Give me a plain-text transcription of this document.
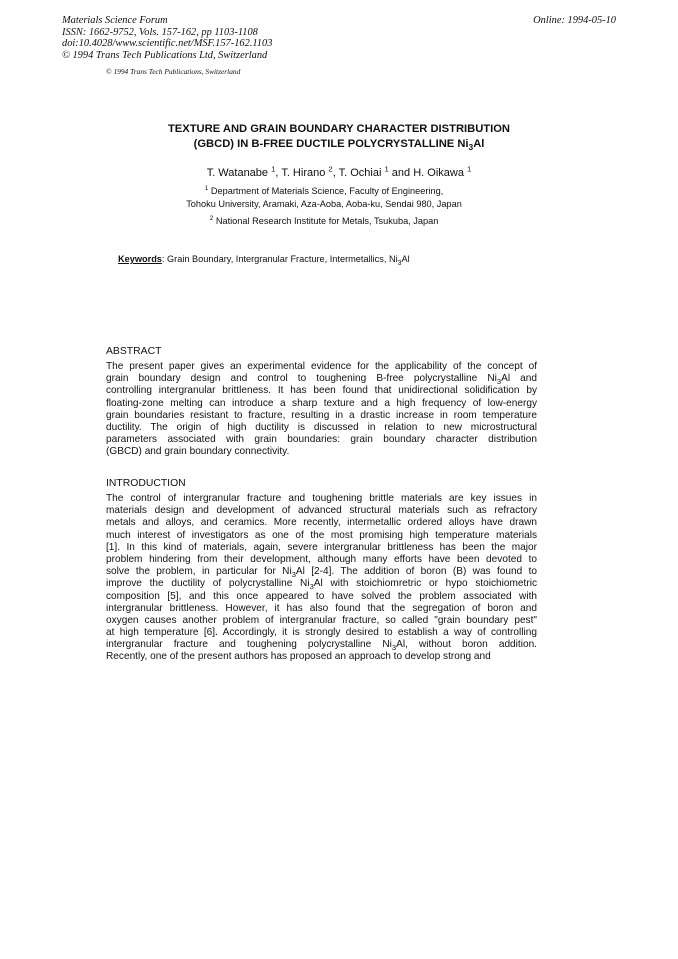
Materials Science Forum
ISSN: 1662-9752, Vols. 157-162, pp 1103-1108
doi:10.4028/www.scientific.net/MSF.157-162.1103
© 1994 Trans Tech Publications Ltd, Switzerland
Online: 1994-05-10
© 1994 Trans Tech Publications, Switzerland
TEXTURE AND GRAIN BOUNDARY CHARACTER DISTRIBUTION
(GBCD) IN B-FREE DUCTILE POLYCRYSTALLINE $Ni_3Al$
T. Watanabe $^1$, T. Hirano $^2$, T. Ochiai $^1$ and H. Oikawa $^1$
$^1$ Department of Materials Science, Faculty of Engineering,
Tohoku University, Aramaki, Aza-Aoba, Aoba-ku, Sendai 980, Japan
$^2$ National Research Institute for Metals, Tsukuba, Japan
Keywords: Grain Boundary, Intergranular Fracture, Intermetallics, $Ni_3Al$
ABSTRACT
The present paper gives an experimental evidence for the applicability of the concept of
grain boundary design and control to toughening B-free polycrystalline $Ni_3Al$ and
controlling intergranular brittleness. It has been found that unidirectional solidification by
floating-zone melting can introduce a sharp texture and a high frequency of low-energy
grain boundaries resistant to fracture, resulting in a drastic increase in room temperature
ductility. The origin of high ductility is discussed in relation to new microstructural
parameters associated with grain boundaries: grain boundary character distribution
(GBCD) and grain boundary connectivity.
INTRODUCTION
The control of intergranular fracture and toughening brittle materials are key issues in
materials design and development of advanced structural materials such as refractory
metals and alloys, and ceramics. More recently, intermetallic ordered alloys have drawn
much interest of investigators as one of the most promising high temperature materials
[1]. In this kind of materials, again, severe intergranular brittleness has been the major
problem hindering from their development, although many efforts have been devoted to
solve the problem, in particular for $Ni_3Al$ [2-4]. The addition of boron (B) was found to
improve the ductility of polycrystalline $Ni_3Al$ with stoichiomretric or hypo stoichiometric
composition [5], and this once appeared to have solved the problem associated with
intergranular brittleness. However, it has also found that the segregation of boron and
oxygen causes another problem of intergranular fracture, so called "grain boundary pest"
at high temperature [6]. Accordingly, it is strongly desired to establish a way of controlling
intergranular fracture and toughening polycrystalline $Ni_3Al$, without boron addition.
Recently, one of the present authors has proposed an approach to develop strong and
